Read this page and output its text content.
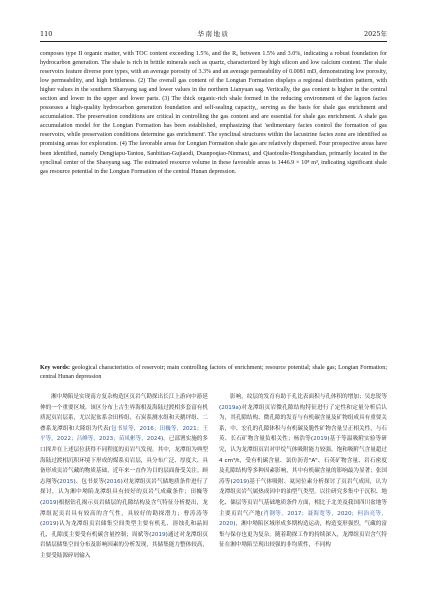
110	华南地质	2025年

composes type II organic matter, with TOC content exceeding 1.5%, and the R₀ between 1.5% and 3.0%, indicating a robust foundation for hydrocarbon generation. The shale is rich in brittle minerals such as quartz, characterized by high silicon and low calcium content. The shale reservoirs feature diverse pore types, with an average porosity of 3.3% and an average permeability of 0.0081 mD, demonstrating low porosity, low permeability, and high brittleness. (2) The overall gas content of the Longtan Formation displays a regional distribution pattern, with higher values in the southern Shaoyang sag and lower values in the northern Lianyuan sag. Vertically, the gas content is higher in the central section and lower in the upper and lower parts. (3) The thick organic-rich shale formed in the reducing environment of the lagoon facies possesses a high-quality hydrocarbon generation foundation and self-sealing capacity,, serving as the basis for shale gas enrichment and accumulation. The preservation conditions are critical in controlling the gas content and are essential for shale gas enrichment. A shale gas accumulation model for the Longtan Formation has been established, emphasizing that 'sedimentary facies control the formation of gas reservoirs, while preservation conditions determine gas enrichment'. The synclinal structures within the lacustrine facies zone are identified as promising areas for exploration. (4) The favorable areas for Longtan Formation shale gas are relatively dispersed. Four prospective areas have been identified, namely Dengjiapu-Tantou, Sanbitian-Gujiaodi, Duanpoqiao-Ninmaxi, and Qiaotoulie-Hongshandian, primarily located in the synclinal center of the Shaoyang sag. The estimated resource volume in these favorable areas is 1446.9 × 10⁸ m³, indicating significant shale gas resource potential in the Longtan Formation of the central Hunan depression.

Key words: geological characteristics of reservoir; main controlling factors of enrichment; resource potential; shale gas; Longtan Formation; central Hunan depression

湘中坳陷是实现南方复杂构造区页岩气勘探出长江上游向中游延伸的一个重要区域。该区分布上古生界海相及海陆过渡相多套富有机质泥页岩层系，尤以泥盆系佘田桥组、石炭系测水组和天鹅坪组、二叠系龙潭组和大隆组为代表(包书景等，2016；田巍等，2021；王平等，2022；吕峰等，2023；苗凤彬等，2024)。已部署实施的多口探井在上述层位获得不同程度的页岩气发现。其中，龙潭组为典型海陆过渡相沉积环境下形成的煤系页岩层，具分布广泛、厚度大、具备形成页岩气藏的物质基础，近年来一直作为目的层面备受关注。顾志翔等(2015)、包书景等(2016)对龙潭组页岩气储地质条件进行了探讨，认为湘中坳陷龙潭组具有较好的页岩气成藏条件；田巍等(2019)根据钻孔揭示页岩储层的孔隙结构及含气特征分析提出，龙潭组泥页岩具有较高的含气性，具较好的勘探潜力；曹涛涛等(2019)认为龙潭组页岩储集空间类型主要有机孔、溶蚀孔和晶间孔，孔隙度主要受有机碳含量控制；周斌等(2019)通过对龙潭组页岩储层储集空间分布及影响因素的分析发现，其储集能力整体较高，主要受陆源碎屑输入

影响，纹层的发育有助于孔比表面积与孔体积的增加；吴忠锐等(2019a)对龙潭组页岩微孔隙结构特征进行了定性和定量分析后认为，其孔隙结构、微孔隙的发育与有机碳含量及矿物组成具有重要关系，中、宏孔的孔隙体积与有机碳及脆性矿物含量呈正相关性，与石英、长石矿物含量负相关性；杨浩等(2019)基于等温吸附实验等研究，认为龙潭组页岩对甲烷气体吸附能力较强，饱和吸附气含量超过4 cm³/t，受有机碳含量、氯仿沥青"A"、石英矿物含量、岩石密度及孔隙结构等多种因素影响，其中有机碳含量的影响最为显著；张国涛等(2019)基于气体吸附、氦同位素分析探讨了页岩气成因，认为龙潭组页岩气属热成因中的油型气类型。以往研究多集中于沉积、地化、储层等页岩气基础地质条件方面，相比于北美及我国四川盆地等主要页岩气产地(肖钢等，2017；聂海宽等，2020；何治亮等，2020)，湘中坳陷区域形成多期构造运动，构造变形强烈，气藏的富集与保存也更为复杂。随着勘探工作的持续深入，龙潭组页岩含气特征在湘中坳陷呈现出较强的非均质性，不同构
